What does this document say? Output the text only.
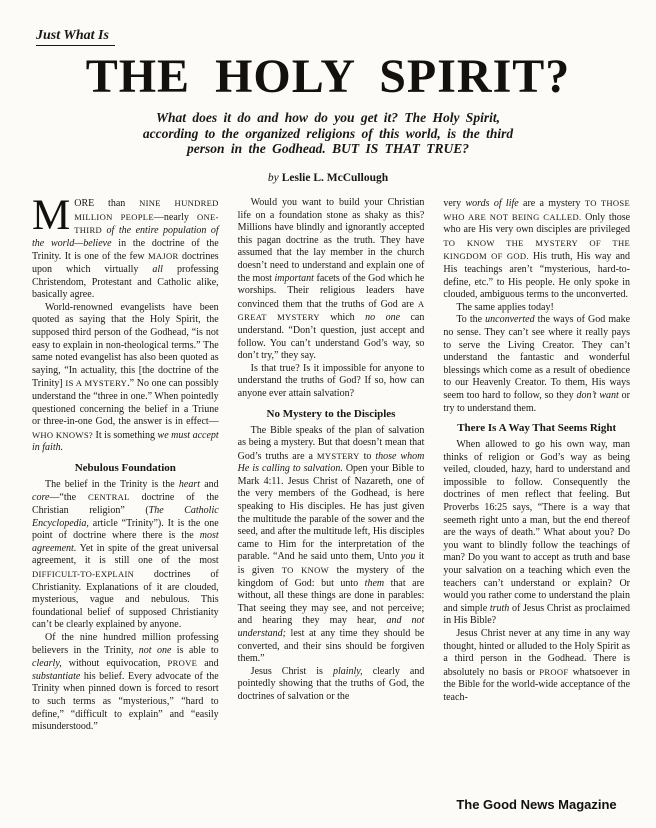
Just What Is
THE HOLY SPIRIT?
What does it do and how do you get it? The Holy Spirit,
according to the organized religions of this world, is the third
person in the Godhead. BUT IS THAT TRUE?
by Leslie L. McCullough

MORE than NINE HUNDRED MILLION PEOPLE—nearly ONE-THIRD of the entire population of the world—believe in the doctrine of the Trinity. It is one of the few MAJOR doctrines upon which virtually all professing Christendom, Protestant and Catholic alike, basically agree.

World-renowned evangelists have been quoted as saying that the Holy Spirit, the supposed third person of the Godhead, “is not easy to explain in non-theological terms.” The same noted evangelist has also been quoted as saying, “In actuality, this [the doctrine of the Trinity] IS A MYSTERY.” No one can possibly understand the “three in one.” When pointedly questioned concerning the belief in a Triune or three-in-one God, the answer is in effect—WHO KNOWS? It is something we must accept in faith.

Nebulous Foundation

The belief in the Trinity is the heart and core—“the CENTRAL doctrine of the Christian religion” (The Catholic Encyclopedia, article “Trinity”). It is the one point of doctrine where there is the most agreement. Yet in spite of the great universal agreement, it is still one of the most DIFFICULT-TO-EXPLAIN doctrines of Christianity. Explanations of it are clouded, mysterious, vague and nebulous. This foundational belief of supposed Christianity can’t be clearly explained by anyone.

Of the nine hundred million professing believers in the Trinity, not one is able to clearly, without equivocation, PROVE and substantiate his belief. Every advocate of the Trinity when pinned down is forced to resort to such terms as “mysterious,” “hard to define,” “difficult to explain” and “easily misunderstood.”

Would you want to build your Christian life on a foundation stone as shaky as this? Millions have blindly and ignorantly accepted this pagan doctrine as the truth. They have assumed that the lay member in the church doesn’t need to understand and explain one of the most important facets of the God which he worships. Their religious leaders have convinced them that the truths of God are A GREAT MYSTERY which no one can understand. “Don’t question, just accept and follow. You can’t understand God’s way, so don’t try,” they say.

Is that true? Is it impossible for anyone to understand the truths of God? If so, how can anyone ever attain salvation?

No Mystery to the Disciples

The Bible speaks of the plan of salvation as being a mystery. But that doesn’t mean that God’s truths are a MYSTERY to those whom He is calling to salvation. Open your Bible to Mark 4:11. Jesus Christ of Nazareth, one of the very members of the Godhead, is here speaking to His disciples. He has just given the multitude the parable of the sower and the seed, and after the multitude left, His disciples came to Him for the interpretation of the parable. “And he said unto them, Unto you it is given TO KNOW the mystery of the kingdom of God: but unto them that are without, all these things are done in parables: That seeing they may see, and not perceive; and hearing they may hear, and not understand; lest at any time they should be converted, and their sins should be forgiven them.”

Jesus Christ is plainly, clearly and pointedly showing that the truths of God, the doctrines of salvation or the

very words of life are a mystery TO THOSE WHO ARE NOT BEING CALLED. Only those who are His very own disciples are privileged TO KNOW THE MYSTERY OF THE KINGDOM OF GOD. His truth, His way and His teachings aren’t “mysterious, hard-to-define, etc.” to His people. He only spoke in clouded, ambiguous terms to the unconverted.

The same applies today!

To the unconverted the ways of God make no sense. They can’t see where it really pays to serve the Living Creator. They can’t understand the fantastic and wonderful blessings which come as a result of obedience to our Heavenly Creator. To them, His ways seem too hard to follow, so they don’t want or try to understand them.

There Is A Way That Seems Right

When allowed to go his own way, man thinks of religion or God’s way as being veiled, clouded, hazy, hard to understand and impossible to follow. Consequently the doctrines of men reflect that feeling. But Proverbs 16:25 says, “There is a way that seemeth right unto a man, but the end thereof are the ways of death.” What about you? Do you want to blindly follow the teachings of man? Do you want to accept as truth and base your salvation on a teaching which even the teachers can’t understand or explain? Or would you rather come to understand the plain and simple truth of Jesus Christ as proclaimed in His Bible?

Jesus Christ never at any time in any way thought, hinted or alluded to the Holy Spirit as a third person in the Godhead. There is absolutely no basis or PROOF whatsoever in the Bible for the world-wide acceptance of the teach-

The Good News Magazine
